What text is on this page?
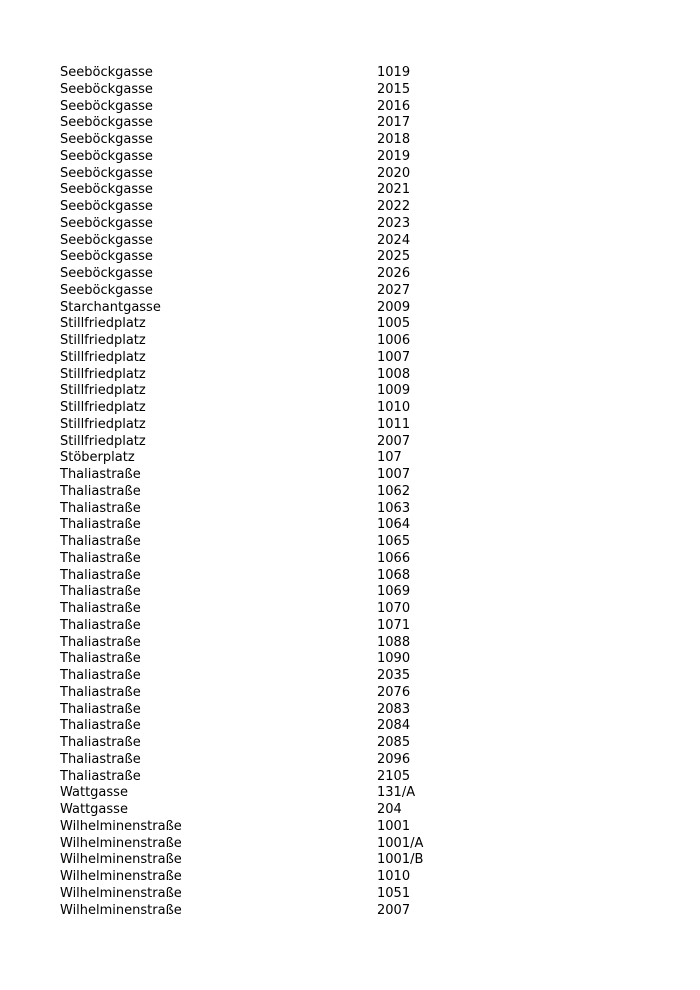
Seeböckgasse	1019
Seeböckgasse	2015
Seeböckgasse	2016
Seeböckgasse	2017
Seeböckgasse	2018
Seeböckgasse	2019
Seeböckgasse	2020
Seeböckgasse	2021
Seeböckgasse	2022
Seeböckgasse	2023
Seeböckgasse	2024
Seeböckgasse	2025
Seeböckgasse	2026
Seeböckgasse	2027
Starchantgasse	2009
Stillfriedplatz	1005
Stillfriedplatz	1006
Stillfriedplatz	1007
Stillfriedplatz	1008
Stillfriedplatz	1009
Stillfriedplatz	1010
Stillfriedplatz	1011
Stillfriedplatz	2007
Stöberplatz	107
Thaliastraße	1007
Thaliastraße	1062
Thaliastraße	1063
Thaliastraße	1064
Thaliastraße	1065
Thaliastraße	1066
Thaliastraße	1068
Thaliastraße	1069
Thaliastraße	1070
Thaliastraße	1071
Thaliastraße	1088
Thaliastraße	1090
Thaliastraße	2035
Thaliastraße	2076
Thaliastraße	2083
Thaliastraße	2084
Thaliastraße	2085
Thaliastraße	2096
Thaliastraße	2105
Wattgasse	131/A
Wattgasse	204
Wilhelminenstraße	1001
Wilhelminenstraße	1001/A
Wilhelminenstraße	1001/B
Wilhelminenstraße	1010
Wilhelminenstraße	1051
Wilhelminenstraße	2007
